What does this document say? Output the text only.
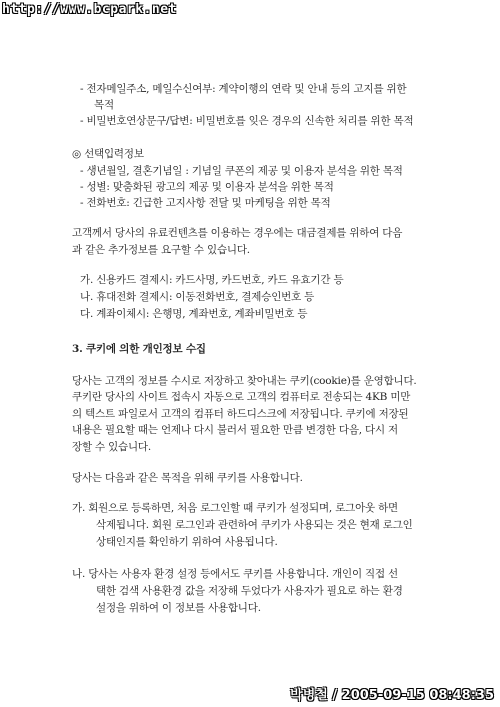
http://www.bcpark.net
- 전자메일주소, 메일수신여부: 계약이행의 연락 및 안내 등의 고지를 위한
목적
- 비밀번호연상문구/답변: 비밀번호를 잊은 경우의 신속한 처리를 위한 목적
◎ 선택입력정보
- 생년월일, 결혼기념일 : 기념일 쿠폰의 제공 및 이용자 분석을 위한 목적
- 성별: 맞춤화된 광고의 제공 및 이용자 분석을 위한 목적
- 전화번호: 긴급한 고지사항 전달 및 마케팅을 위한 목적
고객께서 당사의 유료컨텐츠를 이용하는 경우에는 대금결제를 위하여 다음
과 같은 추가정보를 요구할 수 있습니다.
가. 신용카드 결제시: 카드사명, 카드번호, 카드 유효기간 등
나. 휴대전화 결제시: 이동전화번호, 결제승인번호 등
다. 계좌이체시: 은행명, 계좌번호, 계좌비밀번호 등
3. 쿠키에 의한 개인정보 수집
당사는 고객의 정보를 수시로 저장하고 찾아내는 쿠키(cookie)를 운영합니다.
쿠키란 당사의 사이트 접속시 자동으로 고객의 컴퓨터로 전송되는 4KB 미만
의 텍스트 파일로서 고객의 컴퓨터 하드디스크에 저장됩니다. 쿠키에 저장된
내용은 필요할 때는 언제나 다시 불러서 필요한 만큼 변경한 다음, 다시 저
장할 수 있습니다.
당사는 다음과 같은 목적을 위해 쿠키를 사용합니다.
가. 회원으로 등록하면, 처음 로그인할 때 쿠키가 설정되며, 로그아웃 하면
삭제됩니다. 회원 로그인과 관련하여 쿠키가 사용되는 것은 현재 로그인
상태인지를 확인하기 위하여 사용됩니다.
나. 당사는 사용자 환경 설정 등에서도 쿠키를 사용합니다. 개인이 직접 선
택한 검색 사용환경 값을 저장해 두었다가 사용자가 필요로 하는 환경
설정을 위하여 이 정보를 사용합니다.
박병철 / 2005-09-15 08:48:35
